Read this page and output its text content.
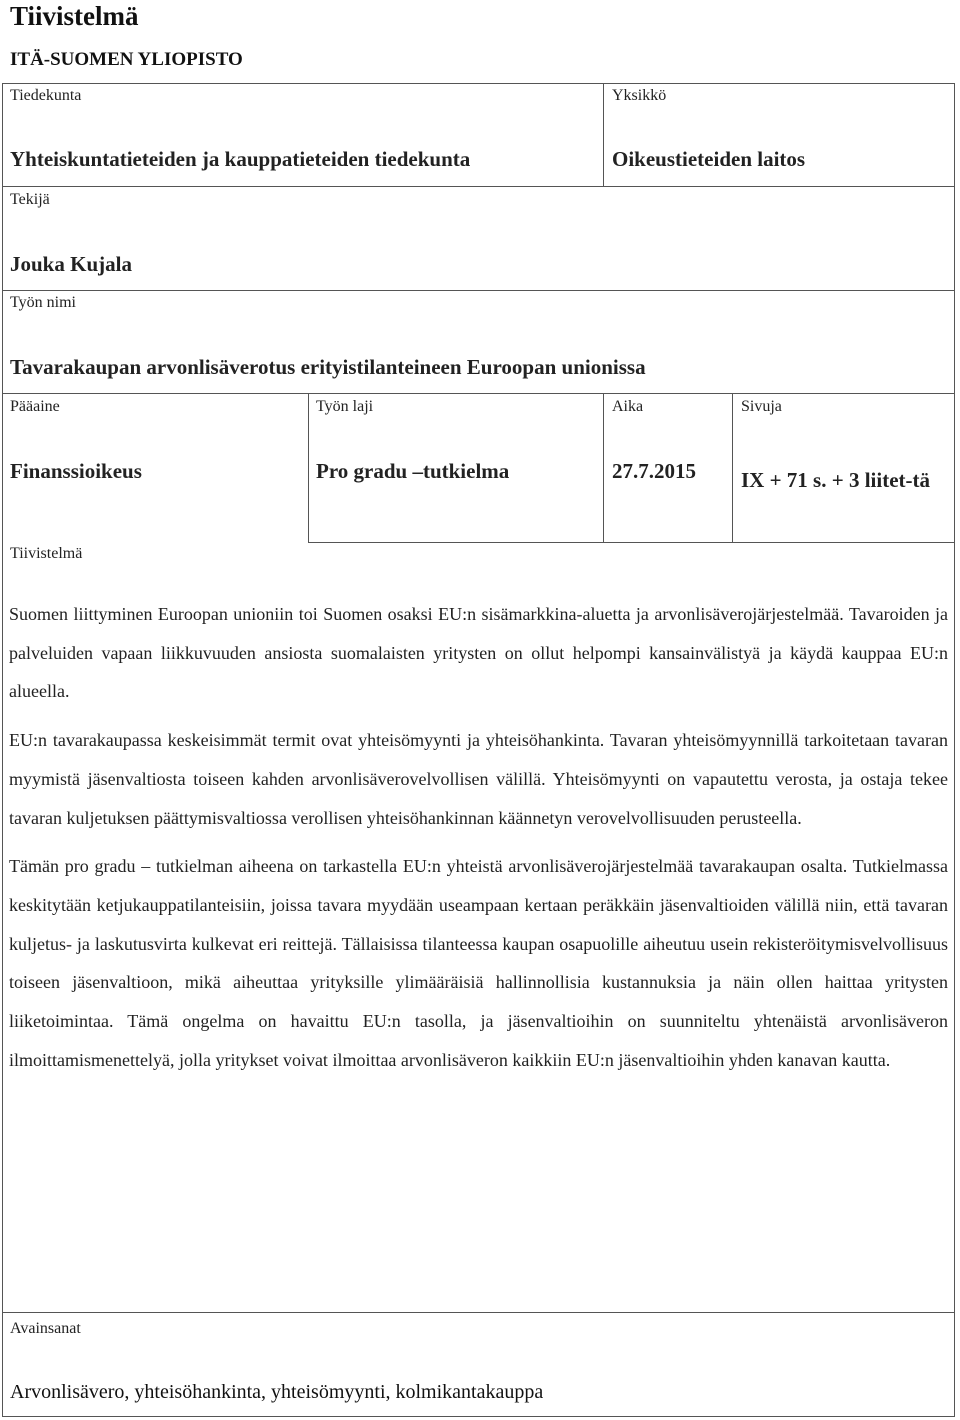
Tiivistelmä
ITÄ-SUOMEN YLIOPISTO
Tiedekunta
Yhteiskuntatieteiden ja kauppatieteiden tiedekunta
Yksikkö
Oikeustieteiden laitos
Tekijä
Jouka Kujala
Työn nimi
Tavarakaupan arvonlisäverotus erityistilanteineen Euroopan unionissa
Pääaine
Finanssioikeus
Työn laji
Pro gradu –tutkielma
Aika
27.7.2015
Sivuja
IX + 71 s. + 3 liitet-tä
Tiivistelmä

Suomen liittyminen Euroopan unioniin toi Suomen osaksi EU:n sisämarkkina-aluetta ja arvonlisäverojärjestelmää. Tavaroiden ja palveluiden vapaan liikkuvuuden ansiosta suomalaisten yritysten on ollut helpompi kansainvälistyä ja käydä kauppaa EU:n alueella.

EU:n tavarakaupassa keskeisimmät termit ovat yhteisömyynti ja yhteisöhankinta. Tavaran yhteisömyynnillä tarkoitetaan tavaran myymistä jäsenvaltiosta toiseen kahden arvonlisäverovelvollisen välillä. Yhteisömyynti on vapautettu verosta, ja ostaja tekee tavaran kuljetuksen päättymisvaltiossa verollisen yhteisöhankinnan käännetyn verovelvollisuuden perusteella.

Tämän pro gradu – tutkielman aiheena on tarkastella EU:n yhteistä arvonlisäverojärjestelmää tavarakaupan osalta. Tutkielmassa keskitytään ketjukauppatilanteisiin, joissa tavara myydään useampaan kertaan peräkkäin jäsenvaltioiden välillä niin, että tavaran kuljetus- ja laskutusvirta kulkevat eri reittejä. Tällaisissa tilanteessa kaupan osapuolille aiheutuu usein rekisteröitymisvelvollisuus toiseen jäsenvaltioon, mikä aiheuttaa yrityksille ylimääräisiä hallinnollisia kustannuksia ja näin ollen haittaa yritysten liiketoimintaa. Tämä ongelma on havaittu EU:n tasolla, ja jäsenvaltioihin on suunniteltu yhtenäistä arvonlisäveron ilmoittamismenettelyä, jolla yritykset voivat ilmoittaa arvonlisäveron kaikkiin EU:n jäsenvaltioihin yhden kanavan kautta.

Avainsanat
Arvonlisävero, yhteisöhankinta, yhteisömyynti, kolmikantakauppa
